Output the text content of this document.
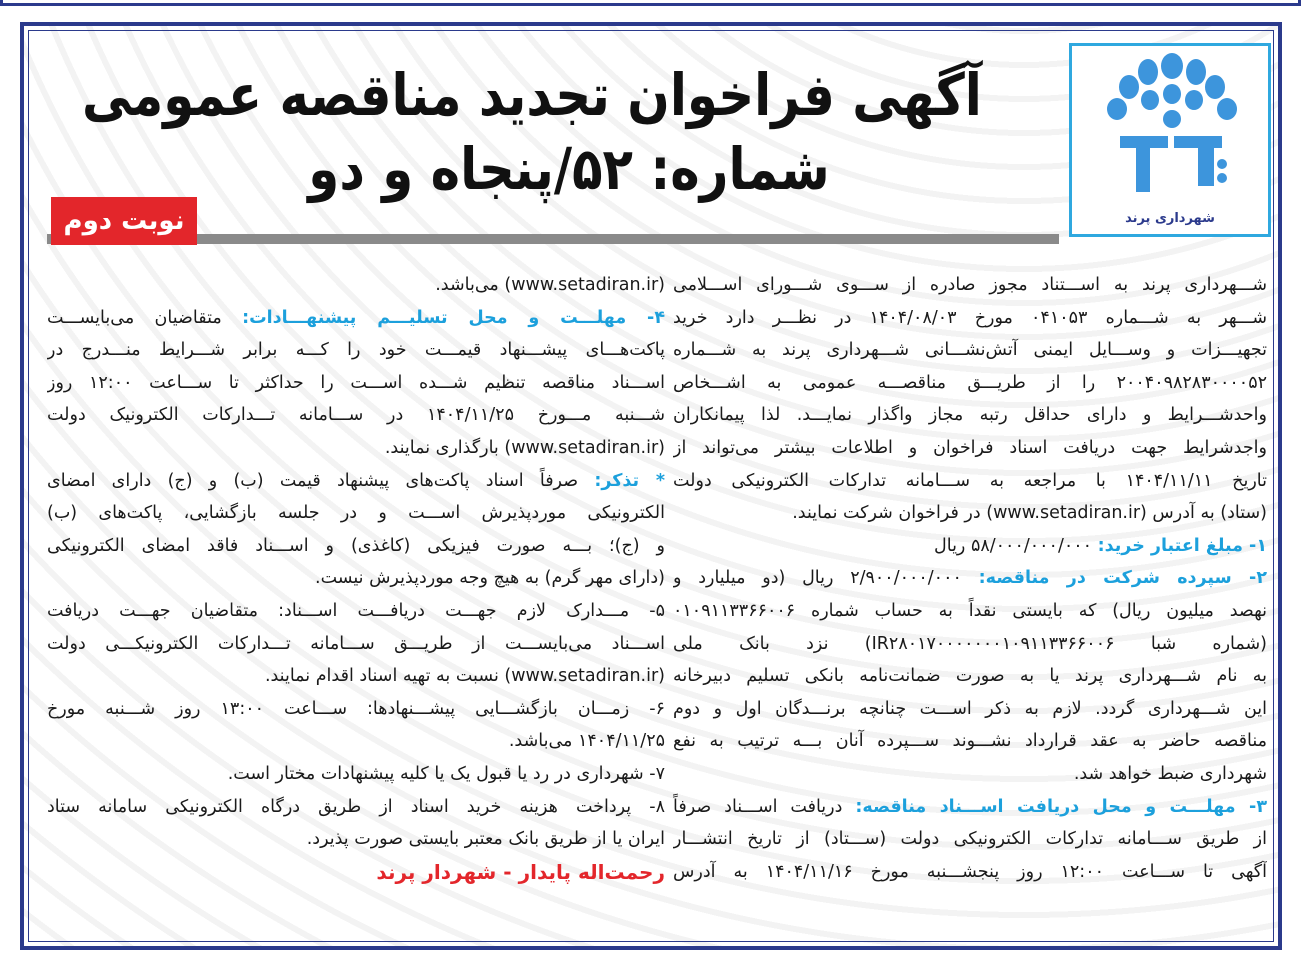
شهرداری پرند
آگهی فراخوان تجدید مناقصه عمومی
شماره: ۵۲/پنجاه و دو
نوبت دوم
شـــهرداری پرند به اســـتناد مجوز صادره از ســـوی شـــورای اســـلامی
شـــهر به شـــماره ۰۴۱۰۵۳ مورخ ۱۴۰۴/۰۸/۰۳ در نظـــر دارد خرید
تجهیـــزات و وســـایل ایمنی آتش‌نشـــانی شـــهرداری پرند به شـــماره
۲۰۰۴۰۹۸۲۸۳۰۰۰۰۵۲ را از طریـــق مناقصـــه عمومی به اشـــخاص
واحدشـــرایط و دارای حداقل رتبه مجاز واگذار نمایـــد. لذا پیمانکاران
واجدشرایط جهت دریافت اسناد فراخوان و اطلاعات بیشتر می‌تواند از
تاریخ ۱۴۰۴/۱۱/۱۱ با مراجعه به ســـامانه تدارکات الکترونیکی دولت
(ستاد) به آدرس (www.setadiran.ir) در فراخوان شرکت نمایند.
۱- مبلغ اعتبار خرید: ۵۸/۰۰۰/۰۰۰/۰۰۰ ریال
۲- سپرده شرکت در مناقصه: ۲/۹۰۰/۰۰۰/۰۰۰ ریال (دو میلیارد و
نهصد میلیون ریال) که بایستی نقداً به حساب شماره ۰۱۰۹۱۱۳۳۶۶۰۰۶
(شماره شبا IR۲۸۰۱۷۰۰۰۰۰۰۰۱۰۹۱۱۳۳۶۶۰۰۶) نزد بانک ملی
به نام شـــهرداری پرند یا به صورت ضمانت‌نامه بانکی تسلیم دبیرخانه
این شـــهرداری گردد. لازم به ذکر اســـت چنانچه برنـــدگان اول و دوم
مناقصه حاضر به عقد قرارداد نشـــوند ســـپرده آنان بـــه ترتیب به نفع
شهرداری ضبط خواهد شد.
۳- مهلـــت و محل دریافت اســـناد مناقصه: دریافت اســـناد صرفاً
از طریق ســـامانه تدارکات الکترونیکی دولت (ســـتاد) از تاریخ انتشـــار
آگهی تا ســـاعت ۱۲:۰۰ روز پنجشـــنبه مورخ ۱۴۰۴/۱۱/۱۶ به آدرس
(www.setadiran.ir) می‌باشد.
۴- مهلـــت و محل تسلیـــم پیشنهـــادات: متقاضیان می‌بایســـت
پاکت‌هـــای پیشـــنهاد قیمـــت خود را کـــه برابر شـــرایط منـــدرج در
اســـناد مناقصه تنظیم شـــده اســـت را حداکثر تا ســـاعت ۱۲:۰۰ روز
شـــنبه مـــورخ ۱۴۰۴/۱۱/۲۵ در ســـامانه تـــدارکات الکترونیک دولت
(www.setadiran.ir) بارگذاری نمایند.
* تذکر: صرفاً اسناد پاکت‌های پیشنهاد قیمت (ب) و (ج) دارای امضای
الکترونیکی موردپذیرش اســـت و در جلسه بازگشایی، پاکت‌های (ب)
و (ج)؛ بـــه صورت فیزیکی (کاغذی) و اســـناد فاقد امضای الکترونیکی
(دارای مهر گرم) به هیچ وجه موردپذیرش نیست.
۵- مـــدارک لازم جهـــت دریافـــت اســـناد: متقاضیان جهـــت دریافت
اســـناد می‌بایســـت از طریـــق ســـامانه تـــدارکات الکترونیکـــی دولت
(www.setadiran.ir) نسبت به تهیه اسناد اقدام نمایند.
۶- زمـــان بازگشـــایی پیشـــنهادها: ســـاعت ۱۳:۰۰ روز شـــنبه مورخ
۱۴۰۴/۱۱/۲۵ می‌باشد.
۷- شهرداری در رد یا قبول یک یا کلیه پیشنهادات مختار است.
۸- پرداخت هزینه خرید اسناد از طریق درگاه الکترونیکی سامانه ستاد
ایران یا از طریق بانک معتبر بایستی صورت پذیرد.
رحمت‌اله پایدار - شهردار پرند
